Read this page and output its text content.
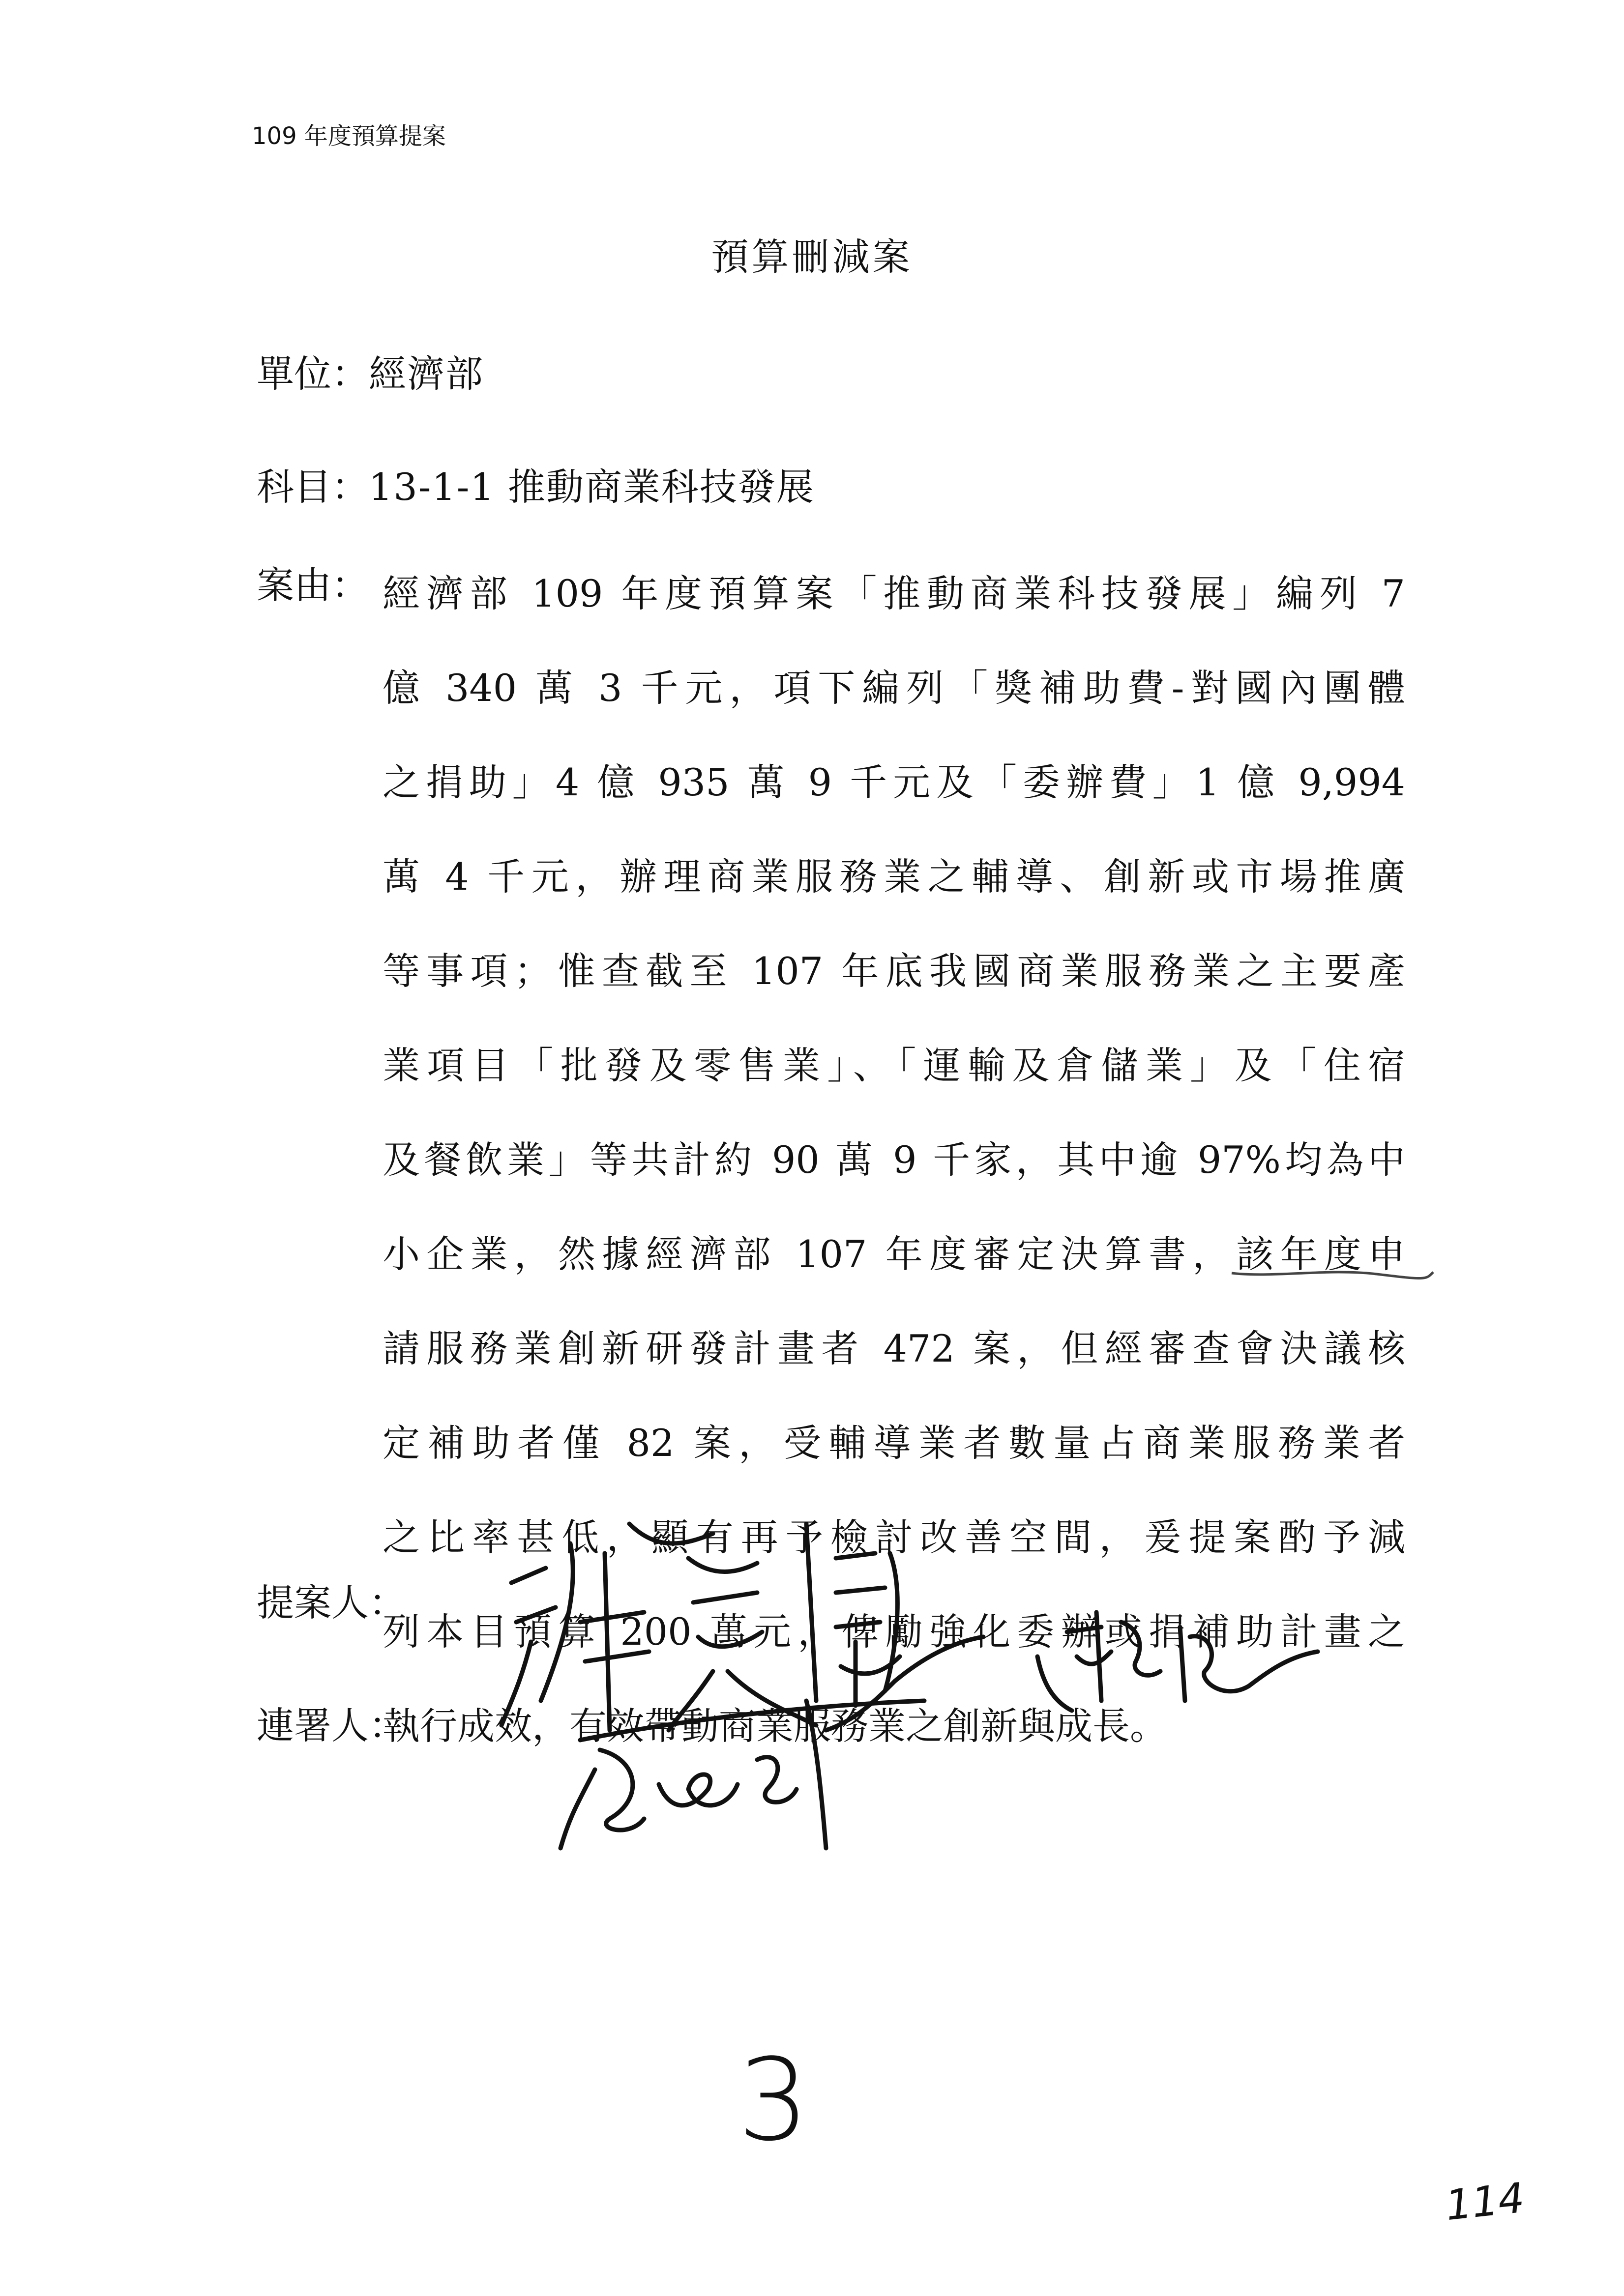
109 年度預算提案
預算刪減案
單位：經濟部
科目：13-1-1 推動商業科技發展
案由： 經濟部 109 年度預算案「推動商業科技發展」編列 7
億 340 萬 3 千元，項下編列「獎補助費-對國內團體
之捐助」4 億 935 萬 9 千元及「委辦費」1 億 9,994
萬 4 千元，辦理商業服務業之輔導、創新或市場推廣
等事項；惟查截至 107 年底我國商業服務業之主要產
業項目「批發及零售業」、「運輸及倉儲業」及「住宿
及餐飲業」等共計約 90 萬 9 千家，其中逾 97%均為中
小企業，然據經濟部 107 年度審定決算書，該年度申
請服務業創新研發計畫者 472 案，但經審查會決議核
定補助者僅 82 案，受輔導業者數量占商業服務業者
之比率甚低，顯有再予檢討改善空間，爰提案酌予減
列本目預算 200 萬元，俾勵強化委辦或捐補助計畫之
執行成效，有效帶動商業服務業之創新與成長。
提案人：
連署人：
3
114
